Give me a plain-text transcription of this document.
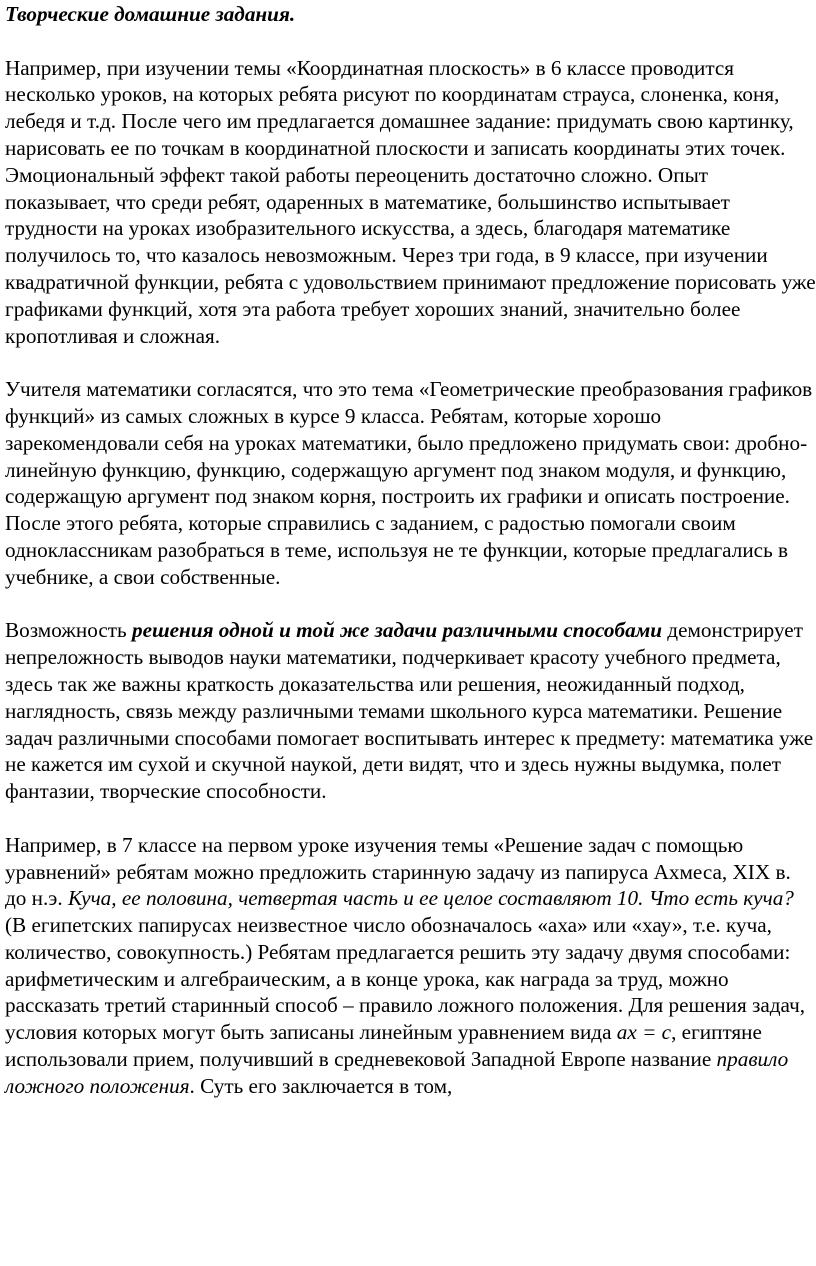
Творческие домашние задания.

Например, при изучении темы «Координатная плоскость» в 6 классе проводится несколько уроков, на которых ребята рисуют по координатам страуса, слоненка, коня, лебедя и т.д. После чего им предлагается домашнее задание: придумать свою картинку, нарисовать ее по точкам в координатной плоскости и записать координаты этих точек. Эмоциональный эффект такой работы переоценить достаточно сложно. Опыт показывает, что среди ребят, одаренных в математике, большинство испытывает трудности на уроках изобразительного искусства, а здесь, благодаря математике получилось то, что казалось невозможным. Через три года, в 9 классе, при изучении квадратичной функции, ребята с удовольствием принимают предложение порисовать уже графиками функций, хотя эта работа требует хороших знаний, значительно более кропотливая и сложная.

Учителя математики согласятся, что это тема «Геометрические преобразования графиков функций» из самых сложных в курсе 9 класса. Ребятам, которые хорошо зарекомендовали себя на уроках математики, было предложено придумать свои: дробно-линейную функцию, функцию, содержащую аргумент под знаком модуля, и функцию, содержащую аргумент под знаком корня, построить их графики и описать построение. После этого ребята, которые справились с заданием, с радостью помогали своим одноклассникам разобраться в теме, используя не те функции, которые предлагались в учебнике, а свои собственные.

Возможность решения одной и той же задачи различными способами демонстрирует непреложность выводов науки математики, подчеркивает красоту учебного предмета, здесь так же важны краткость доказательства или решения, неожиданный подход, наглядность, связь между различными темами школьного курса математики. Решение задач различными способами помогает воспитывать интерес к предмету: математика уже не кажется им сухой и скучной наукой, дети видят, что и здесь нужны выдумка, полет фантазии, творческие способности.

Например, в 7 классе на первом уроке изучения темы «Решение задач с помощью уравнений» ребятам можно предложить старинную задачу из папируса Ахмеса, XIX в. до н.э. Куча, ее половина, четвертая часть и ее целое составляют 10. Что есть куча? (В египетских папирусах неизвестное число обозначалось «аха» или «хау», т.е. куча, количество, совокупность.) Ребятам предлагается решить эту задачу двумя способами: арифметическим и алгебраическим, а в конце урока, как награда за труд, можно рассказать третий старинный способ – правило ложного положения. Для решения задач, условия которых могут быть записаны линейным уравнением вида ax = c, египтяне использовали прием, получивший в средневековой Западной Европе название правило ложного положения. Суть его заключается в том,
